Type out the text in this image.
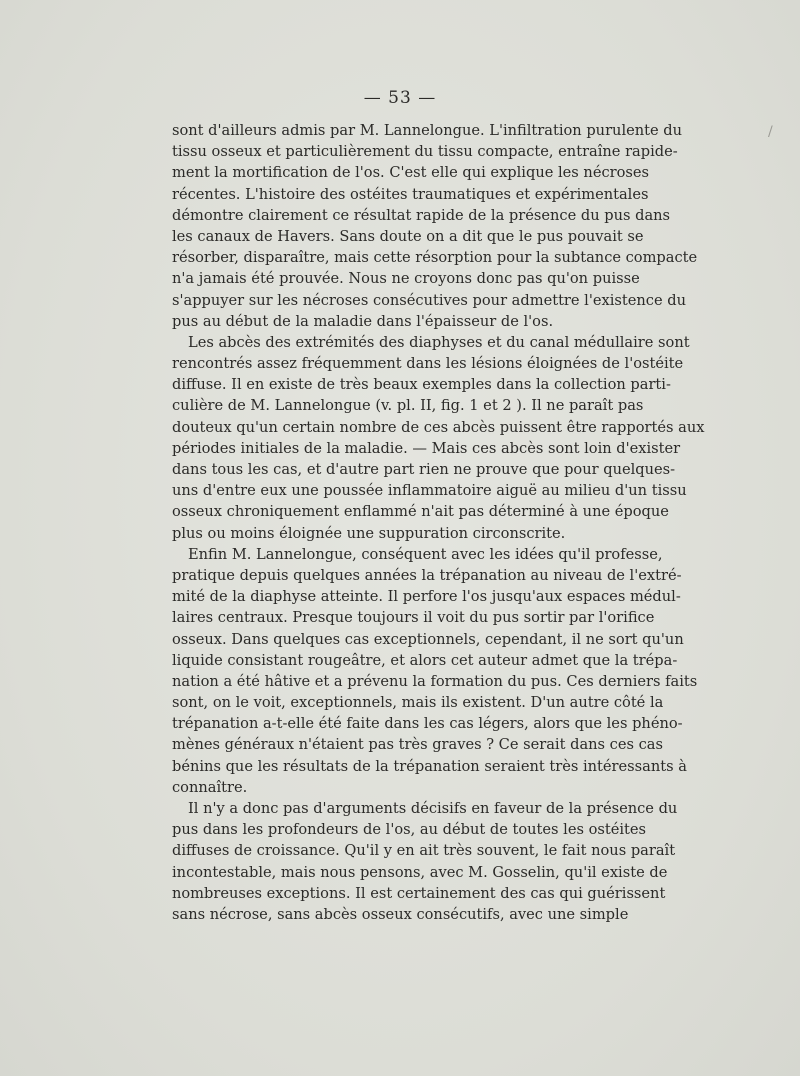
— 53 —
/
sont d'ailleurs admis par M. Lannelongue. L'infiltration purulente du
tissu osseux et particulièrement du tissu compacte, entraîne rapide-
ment la mortification de l'os. C'est elle qui explique les nécroses
récentes. L'histoire des ostéites traumatiques et expérimentales
démontre clairement ce résultat rapide de la présence du pus dans
les canaux de Havers. Sans doute on a dit que le pus pouvait se
résorber, disparaître, mais cette résorption pour la subtance compacte
n'a jamais été prouvée. Nous ne croyons donc pas qu'on puisse
s'appuyer sur les nécroses consécutives pour admettre l'existence du
pus au début de la maladie dans l'épaisseur de l'os.
Les abcès des extrémités des diaphyses et du canal médullaire sont
rencontrés assez fréquemment dans les lésions éloignées de l'ostéite
diffuse. Il en existe de très beaux exemples dans la collection parti-
culière de M. Lannelongue (v. pl. II, fig. 1 et 2 ). Il ne paraît pas
douteux qu'un certain nombre de ces abcès puissent être rapportés aux
périodes initiales de la maladie. — Mais ces abcès sont loin d'exister
dans tous les cas, et d'autre part rien ne prouve que pour quelques-
uns d'entre eux une poussée inflammatoire aiguë au milieu d'un tissu
osseux chroniquement enflammé n'ait pas déterminé à une époque
plus ou moins éloignée une suppuration circonscrite.
Enfin M. Lannelongue, conséquent avec les idées qu'il professe,
pratique depuis quelques années la trépanation au niveau de l'extré-
mité de la diaphyse atteinte. Il perfore l'os jusqu'aux espaces médul-
laires centraux. Presque toujours il voit du pus sortir par l'orifice
osseux. Dans quelques cas exceptionnels, cependant, il ne sort qu'un
liquide consistant rougeâtre, et alors cet auteur admet que la trépa-
nation a été hâtive et a prévenu la formation du pus. Ces derniers faits
sont, on le voit, exceptionnels, mais ils existent. D'un autre côté la
trépanation a-t-elle été faite dans les cas légers, alors que les phéno-
mènes généraux n'étaient pas très graves ? Ce serait dans ces cas
bénins que les résultats de la trépanation seraient très intéressants à
connaître.
Il n'y a donc pas d'arguments décisifs en faveur de la présence du
pus dans les profondeurs de l'os, au début de toutes les ostéites
diffuses de croissance. Qu'il y en ait très souvent, le fait nous paraît
incontestable, mais nous pensons, avec M. Gosselin, qu'il existe de
nombreuses exceptions. Il est certainement des cas qui guérissent
sans nécrose, sans abcès osseux consécutifs, avec une simple
